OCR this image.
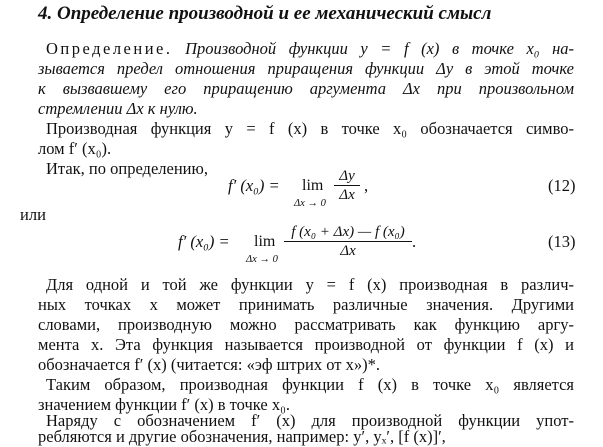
4. Определение производной и ее механический смысл
Определение. Производной функции y = f (x) в точке x₀ на-
зывается предел отношения приращения функции Δy в этой точке
к вызвавшему его приращению аргумента Δx при произвольном
стремлении Δx к нулю.
Производная функция y = f (x) в точке x₀ обозначается симво-
лом f′ (x₀).
Итак, по определению,
f′ (x₀) = lim
Δx → 0
Δy
Δx ,	(12)
или
f′ (x₀) = lim
Δx → 0
f (x₀ + Δx) — f (x₀)
Δx	.	(13)
Для одной и той же функции y = f (x) производная в различ-
ных точках x может принимать различные значения. Другими
словами, производную можно рассматривать как функцию аргу-
мента x. Эта функция называется производной от функции f (x) и
обозначается f′ (x) (читается: «эф штрих от x»)*.
Таким образом, производная функции f (x) в точке x₀ является
значением функции f′ (x) в точке x₀.
Наряду с обозначением f′ (x) для производной функции упот-
ребляются и другие обозначения, например: y′, yₓ′, [f (x)]′,
